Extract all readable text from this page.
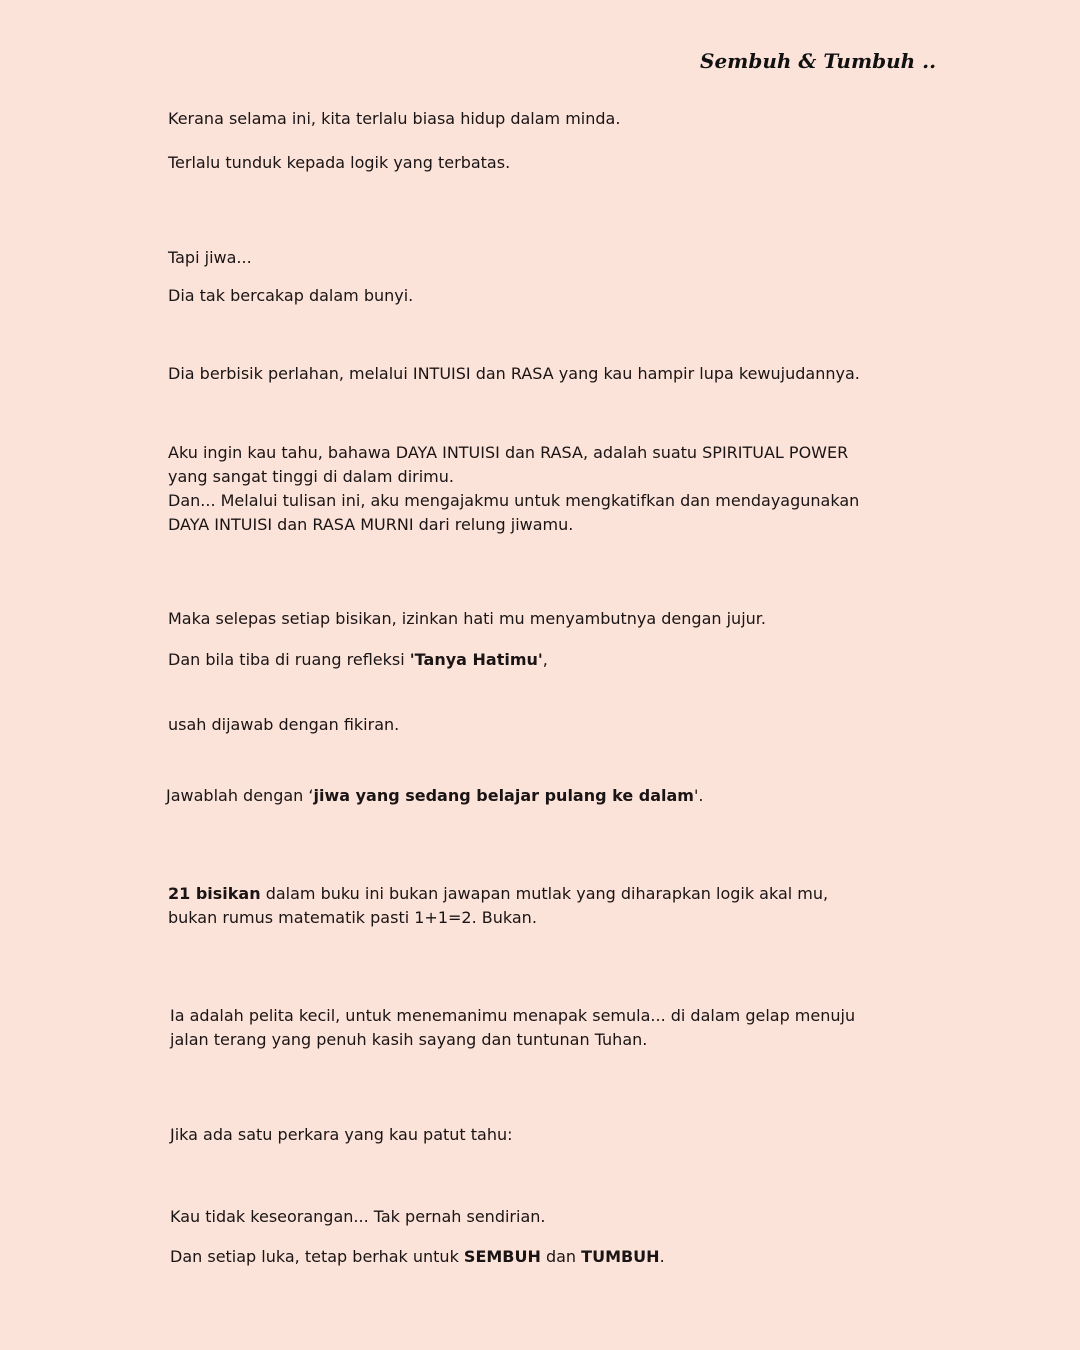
Sembuh & Tumbuh ..

Kerana selama ini, kita terlalu biasa hidup dalam minda.

Terlalu tunduk kepada logik yang terbatas.

Tapi jiwa...

Dia tak bercakap dalam bunyi.

Dia berbisik perlahan, melalui INTUISI dan RASA yang kau hampir lupa kewujudannya.

Aku ingin kau tahu, bahawa DAYA INTUISI dan RASA, adalah suatu SPIRITUAL POWER
yang sangat tinggi di dalam dirimu.
Dan... Melalui tulisan ini, aku mengajakmu untuk mengkatifkan dan mendayagunakan
DAYA INTUISI dan RASA MURNI dari relung jiwamu.

Maka selepas setiap bisikan, izinkan hati mu menyambutnya dengan jujur.

Dan bila tiba di ruang refleksi 'Tanya Hatimu',

usah dijawab dengan fikiran.

Jawablah dengan ‘jiwa yang sedang belajar pulang ke dalam'.

21 bisikan dalam buku ini bukan jawapan mutlak yang diharapkan logik akal mu,
bukan rumus matematik pasti 1+1=2. Bukan.
Ia adalah pelita kecil, untuk menemanimu menapak semula... di dalam gelap menuju
jalan terang yang penuh kasih sayang dan tuntunan Tuhan.

Jika ada satu perkara yang kau patut tahu:

Kau tidak keseorangan... Tak pernah sendirian.

Dan setiap luka, tetap berhak untuk SEMBUH dan TUMBUH.
